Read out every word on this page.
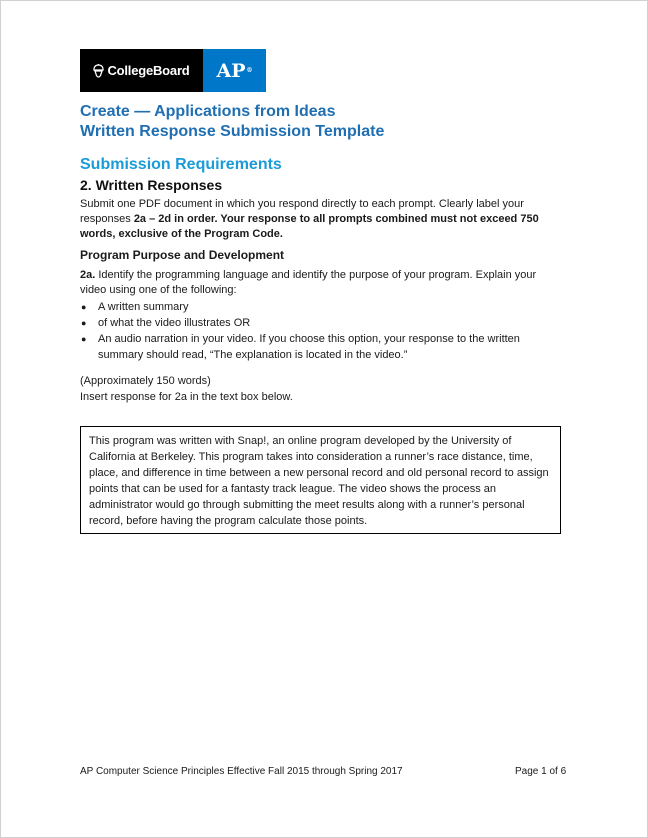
CollegeBoard AP ®
Create — Applications from Ideas
Written Response Submission Template
Submission Requirements
2. Written Responses
Submit one PDF document in which you respond directly to each prompt. Clearly label your responses 2a – 2d in order. Your response to all prompts combined must not exceed 750 words, exclusive of the Program Code.
Program Purpose and Development
2a. Identify the programming language and identify the purpose of your program. Explain your video using one of the following:
● A written summary
● of what the video illustrates OR
● An audio narration in your video. If you choose this option, your response to the written summary should read, “The explanation is located in the video.”
(Approximately 150 words)
Insert response for 2a in the text box below.
This program was written with Snap!, an online program developed by the University of California at Berkeley. This program takes into consideration a runner’s race distance, time, place, and difference in time between a new personal record and old personal record to assign points that can be used for a fantasty track league. The video shows the process an administrator would go through submitting the meet results along with a runner’s personal record, before having the program calculate those points.
AP Computer Science Principles Effective Fall 2015 through Spring 2017	Page 1 of 6
